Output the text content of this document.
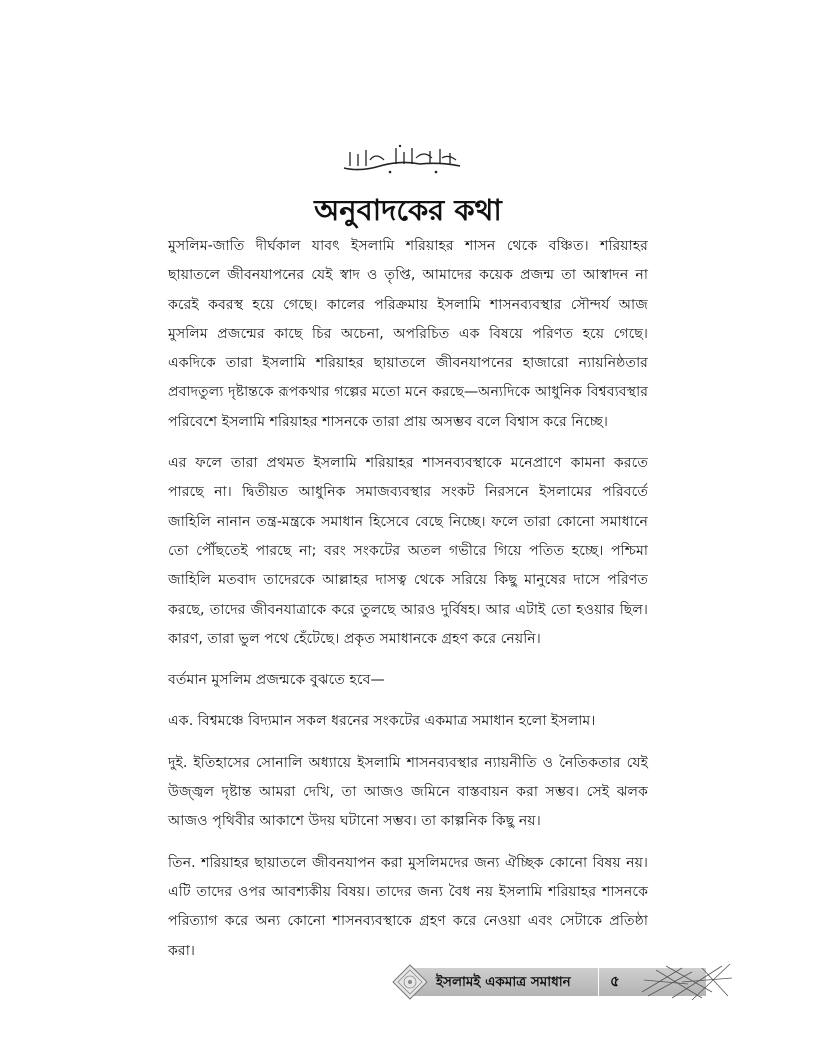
অনুবাদকের কথা

মুসলিম-জাতি দীর্ঘকাল যাবৎ ইসলামি শরিয়াহর শাসন থেকে বঞ্চিত। শরিয়াহর ছায়াতলে জীবনযাপনের যেই স্বাদ ও তৃপ্তি, আমাদের কয়েক প্রজন্ম তা আস্বাদন না করেই কবরস্থ হয়ে গেছে। কালের পরিক্রমায় ইসলামি শাসনব্যবস্থার সৌন্দর্য আজ মুসলিম প্রজন্মের কাছে চির অচেনা, অপরিচিত এক বিষয়ে পরিণত হয়ে গেছে। একদিকে তারা ইসলামি শরিয়াহর ছায়াতলে জীবনযাপনের হাজারো ন্যায়নিষ্ঠতার প্রবাদতুল্য দৃষ্টান্তকে রূপকথার গল্পের মতো মনে করছে—অন্যদিকে আধুনিক বিশ্বব্যবস্থার পরিবেশে ইসলামি শরিয়াহর শাসনকে তারা প্রায় অসম্ভব বলে বিশ্বাস করে নিচ্ছে।

এর ফলে তারা প্রথমত ইসলামি শরিয়াহর শাসনব্যবস্থাকে মনেপ্রাণে কামনা করতে পারছে না। দ্বিতীয়ত আধুনিক সমাজব্যবস্থার সংকট নিরসনে ইসলামের পরিবর্তে জাহিলি নানান তন্ত্র-মন্ত্রকে সমাধান হিসেবে বেছে নিচ্ছে। ফলে তারা কোনো সমাধানে তো পৌঁছতেই পারছে না; বরং সংকটের অতল গভীরে গিয়ে পতিত হচ্ছে। পশ্চিমা জাহিলি মতবাদ তাদেরকে আল্লাহর দাসত্ব থেকে সরিয়ে কিছু মানুষের দাসে পরিণত করছে, তাদের জীবনযাত্রাকে করে তুলছে আরও দুর্বিষহ। আর এটাই তো হওয়ার ছিল। কারণ, তারা ভুল পথে হেঁটেছে। প্রকৃত সমাধানকে গ্রহণ করে নেয়নি।

বর্তমান মুসলিম প্রজন্মকে বুঝতে হবে—

এক. বিশ্বমঞ্চে বিদ্যমান সকল ধরনের সংকটের একমাত্র সমাধান হলো ইসলাম।

দুই. ইতিহাসের সোনালি অধ্যায়ে ইসলামি শাসনব্যবস্থার ন্যায়নীতি ও নৈতিকতার যেই উজ্জ্বল দৃষ্টান্ত আমরা দেখি, তা আজও জমিনে বাস্তবায়ন করা সম্ভব। সেই ঝলক আজও পৃথিবীর আকাশে উদয় ঘটানো সম্ভব। তা কাল্পনিক কিছু নয়।

তিন. শরিয়াহর ছায়াতলে জীবনযাপন করা মুসলিমদের জন্য ঐচ্ছিক কোনো বিষয় নয়। এটি তাদের ওপর আবশ্যকীয় বিষয়। তাদের জন্য বৈধ নয় ইসলামি শরিয়াহর শাসনকে পরিত্যাগ করে অন্য কোনো শাসনব্যবস্থাকে গ্রহণ করে নেওয়া এবং সেটাকে প্রতিষ্ঠা করা।

ইসলামই একমাত্র সমাধান	৫
